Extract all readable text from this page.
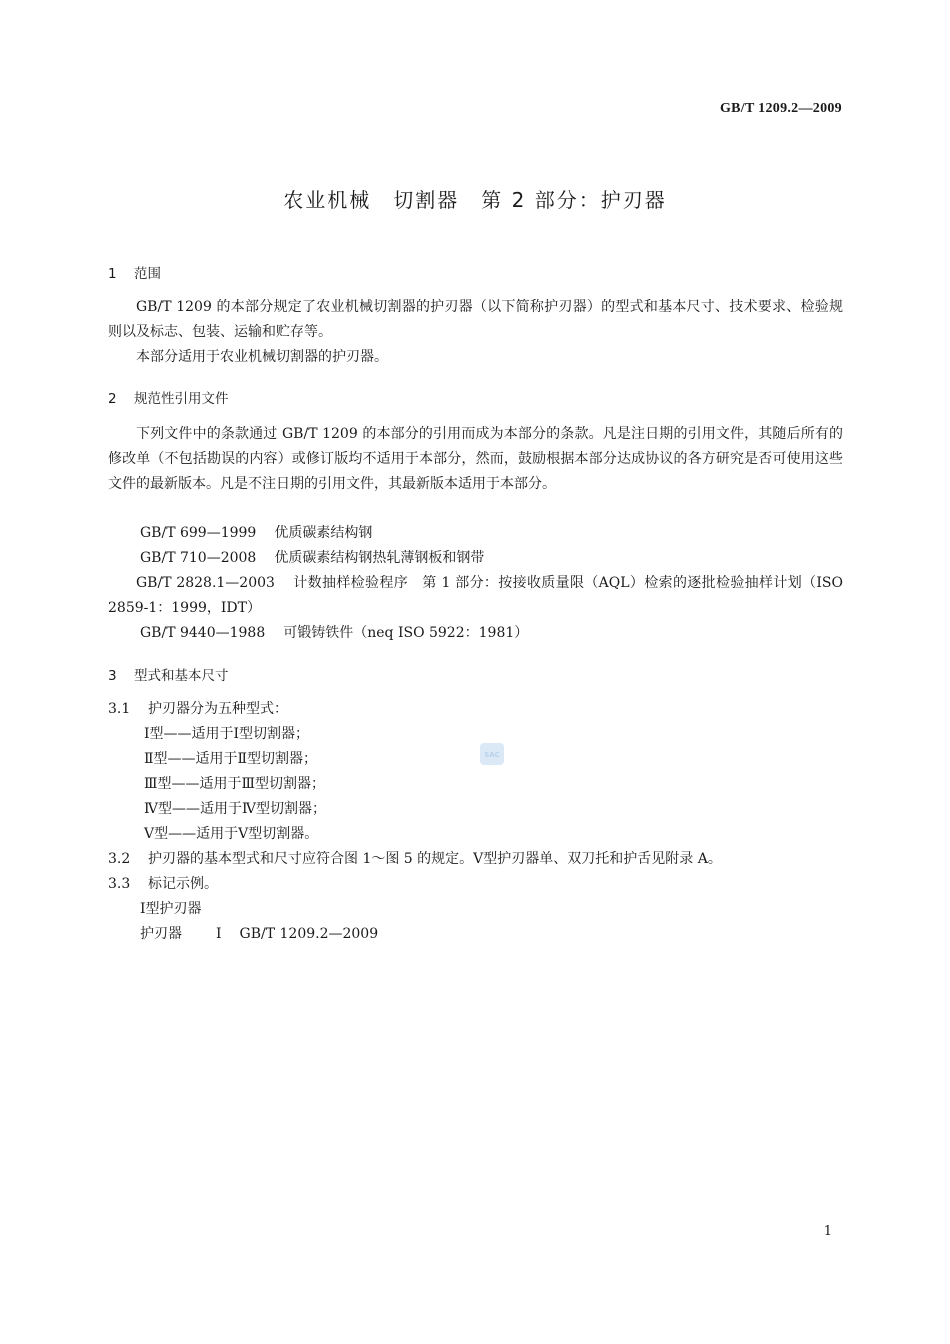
GB/T 1209.2—2009
农业机械　切割器　第 2 部分：护刃器
1 范围

GB/T 1209 的本部分规定了农业机械切割器的护刃器（以下简称护刃器）的型式和基本尺寸、技术要求、检验规则以及标志、包装、运输和贮存等。

本部分适用于农业机械切割器的护刃器。

2 规范性引用文件

下列文件中的条款通过 GB/T 1209 的本部分的引用而成为本部分的条款。凡是注日期的引用文件，其随后所有的修改单（不包括勘误的内容）或修订版均不适用于本部分，然而，鼓励根据本部分达成协议的各方研究是否可使用这些文件的最新版本。凡是不注日期的引用文件，其最新版本适用于本部分。

GB/T 699—1999 优质碳素结构钢

GB/T 710—2008 优质碳素结构钢热轧薄钢板和钢带

GB/T 2828.1—2003 计数抽样检验程序　第 1 部分：按接收质量限（AQL）检索的逐批检验抽样计划（ISO 2859-1：1999，IDT）

GB/T 9440—1988 可锻铸铁件（neq ISO 5922：1981）

3 型式和基本尺寸

3.1 护刃器分为五种型式：

Ⅰ型——适用于Ⅰ型切割器；

Ⅱ型——适用于Ⅱ型切割器；

Ⅲ型——适用于Ⅲ型切割器；

Ⅳ型——适用于Ⅳ型切割器；

Ⅴ型——适用于Ⅴ型切割器。

3.2 护刃器的基本型式和尺寸应符合图 1～图 5 的规定。Ⅴ型护刃器单、双刀托和护舌见附录 A。

3.3 标记示例。

Ⅰ型护刃器

护刃器 Ⅰ GB/T 1209.2—2009

SAC
1
